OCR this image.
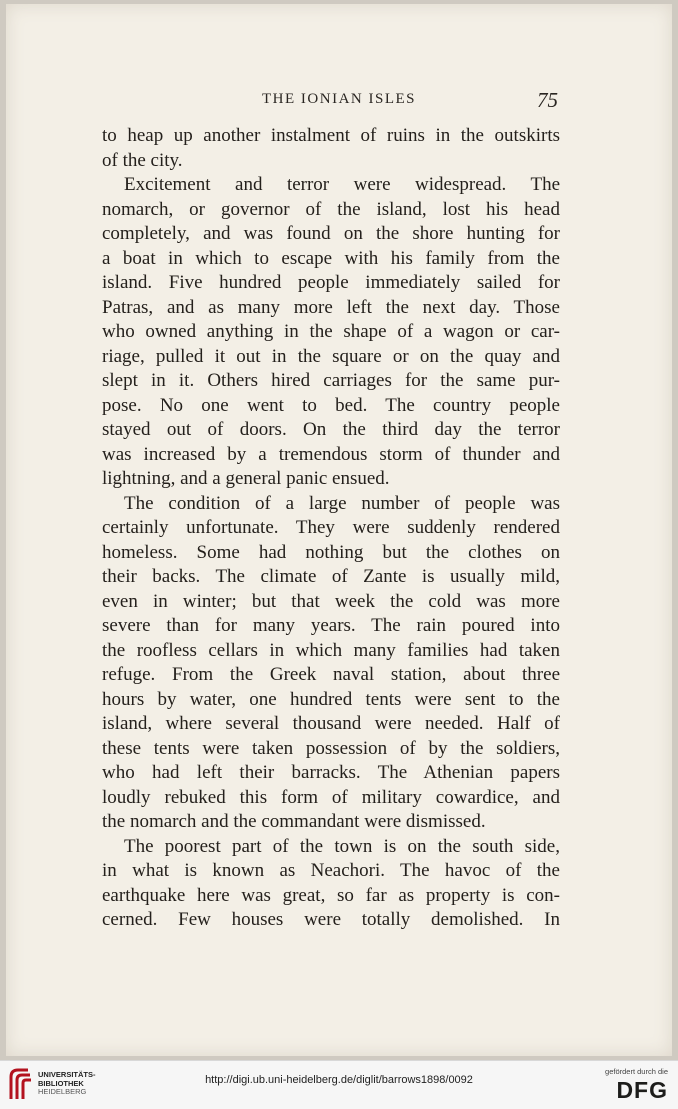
THE IONIAN ISLES	75
to heap up another instalment of ruins in the outskirts
of the city.
Excitement and terror were widespread. The
nomarch, or governor of the island, lost his head
completely, and was found on the shore hunting for
a boat in which to escape with his family from the
island. Five hundred people immediately sailed for
Patras, and as many more left the next day. Those
who owned anything in the shape of a wagon or car-
riage, pulled it out in the square or on the quay and
slept in it. Others hired carriages for the same pur-
pose. No one went to bed. The country people
stayed out of doors. On the third day the terror
was increased by a tremendous storm of thunder and
lightning, and a general panic ensued.
The condition of a large number of people was
certainly unfortunate. They were suddenly rendered
homeless. Some had nothing but the clothes on
their backs. The climate of Zante is usually mild,
even in winter; but that week the cold was more
severe than for many years. The rain poured into
the roofless cellars in which many families had taken
refuge. From the Greek naval station, about three
hours by water, one hundred tents were sent to the
island, where several thousand were needed. Half of
these tents were taken possession of by the soldiers,
who had left their barracks. The Athenian papers
loudly rebuked this form of military cowardice, and
the nomarch and the commandant were dismissed.
The poorest part of the town is on the south side,
in what is known as Neachori. The havoc of the
earthquake here was great, so far as property is con-
cerned. Few houses were totally demolished. In
UNIVERSITÄTS-
BIBLIOTHEK
HEIDELBERG
http://digi.ub.uni-heidelberg.de/diglit/barrows1898/0092
gefördert durch die
DFG
